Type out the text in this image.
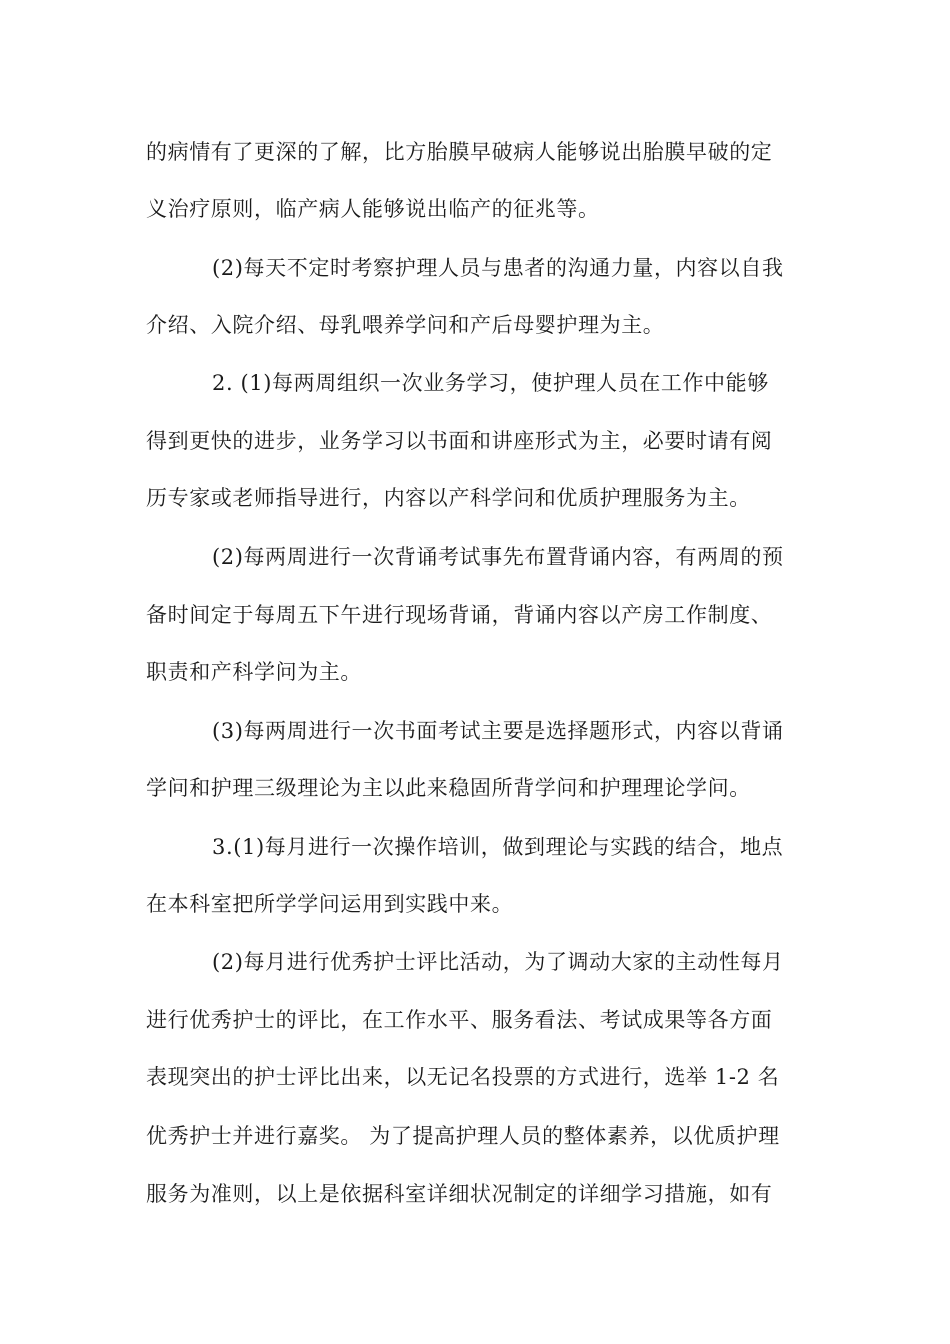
的病情有了更深的了解，比方胎膜早破病人能够说出胎膜早破的定
义治疗原则，临产病人能够说出临产的征兆等。
(2)每天不定时考察护理人员与患者的沟通力量，内容以自我
介绍、入院介绍、母乳喂养学问和产后母婴护理为主。
2. (1)每两周组织一次业务学习，使护理人员在工作中能够
得到更快的进步，业务学习以书面和讲座形式为主，必要时请有阅
历专家或老师指导进行，内容以产科学问和优质护理服务为主。
(2)每两周进行一次背诵考试事先布置背诵内容，有两周的预
备时间定于每周五下午进行现场背诵，背诵内容以产房工作制度、
职责和产科学问为主。
(3)每两周进行一次书面考试主要是选择题形式，内容以背诵
学问和护理三级理论为主以此来稳固所背学问和护理理论学问。
3.(1)每月进行一次操作培训，做到理论与实践的结合，地点
在本科室把所学学问运用到实践中来。
(2)每月进行优秀护士评比活动，为了调动大家的主动性每月
进行优秀护士的评比，在工作水平、服务看法、考试成果等各方面
表现突出的护士评比出来，以无记名投票的方式进行，选举 1-2 名
优秀护士并进行嘉奖。 为了提高护理人员的整体素养，以优质护理
服务为准则，以上是依据科室详细状况制定的详细学习措施，如有
